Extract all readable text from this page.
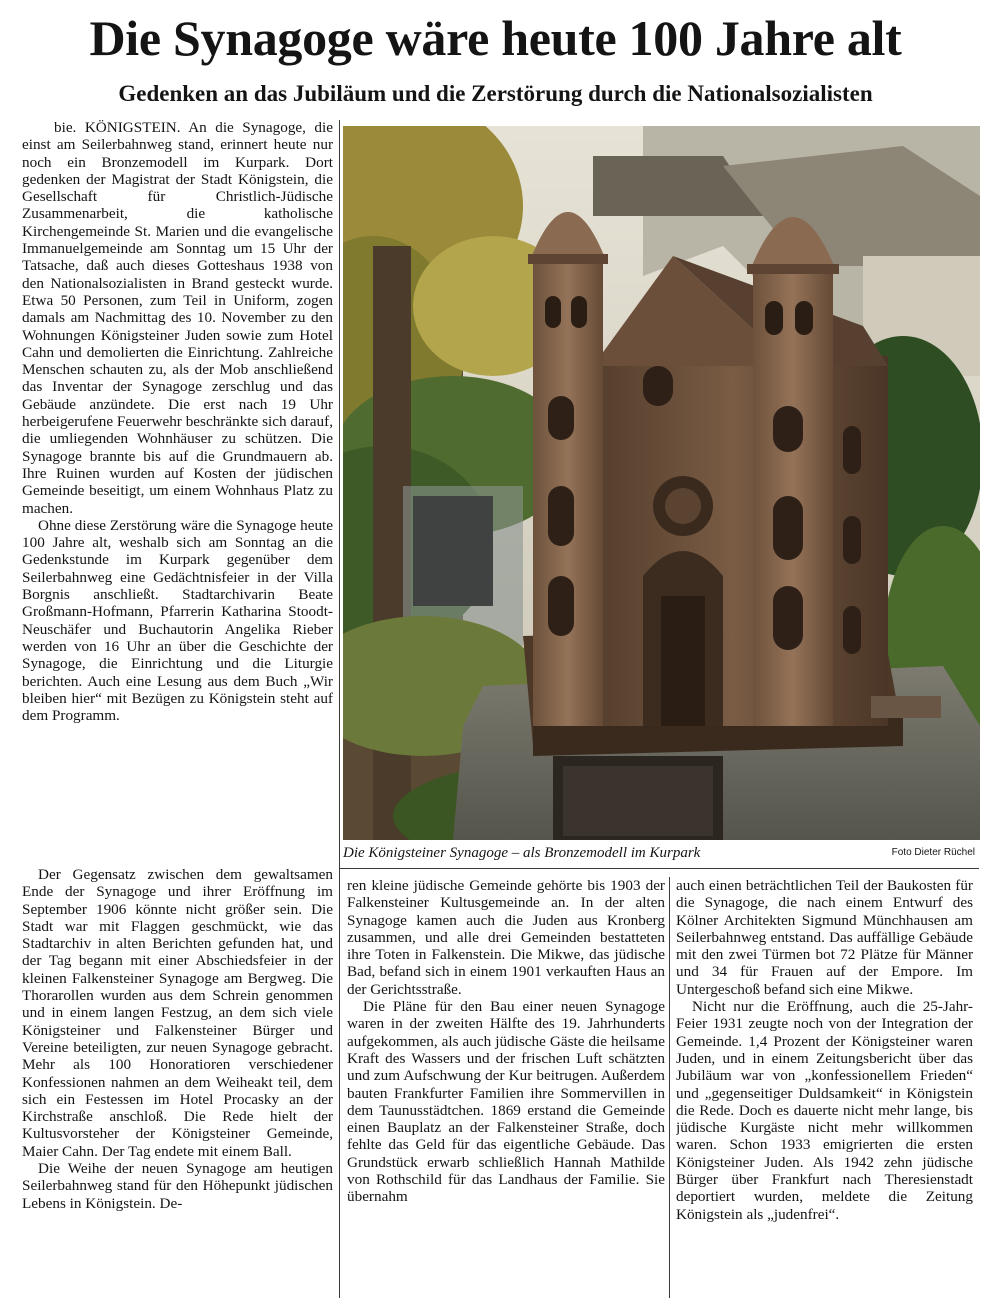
Die Synagoge wäre heute 100 Jahre alt
Gedenken an das Jubiläum und die Zerstörung durch die Nationalsozialisten

bie. KÖNIGSTEIN. An die Synagoge, die einst am Seilerbahnweg stand, erinnert heute nur noch ein Bronzemodell im Kurpark. Dort gedenken der Magistrat der Stadt Königstein, die Gesellschaft für Christlich-Jüdische Zusammenarbeit, die katholische Kirchengemeinde St. Marien und die evangelische Immanuelgemeinde am Sonntag um 15 Uhr der Tatsache, daß auch dieses Gotteshaus 1938 von den Nationalsozialisten in Brand gesteckt wurde. Etwa 50 Personen, zum Teil in Uniform, zogen damals am Nachmittag des 10. November zu den Wohnungen Königsteiner Juden sowie zum Hotel Cahn und demolierten die Einrichtung. Zahlreiche Menschen schauten zu, als der Mob anschließend das Inventar der Synagoge zerschlug und das Gebäude anzündete. Die erst nach 19 Uhr herbeigerufene Feuerwehr beschränkte sich darauf, die umliegenden Wohnhäuser zu schützen. Die Synagoge brannte bis auf die Grundmauern ab. Ihre Ruinen wurden auf Kosten der jüdischen Gemeinde beseitigt, um einem Wohnhaus Platz zu machen.

Ohne diese Zerstörung wäre die Synagoge heute 100 Jahre alt, weshalb sich am Sonntag an die Gedenkstunde im Kurpark gegenüber dem Seilerbahnweg eine Gedächtnisfeier in der Villa Borgnis anschließt. Stadtarchivarin Beate Großmann-Hofmann, Pfarrerin Katharina Stoodt-Neuschäfer und Buchautorin Angelika Rieber werden von 16 Uhr an über die Geschichte der Synagoge, die Einrichtung und die Liturgie berichten. Auch eine Lesung aus dem Buch „Wir bleiben hier“ mit Bezügen zu Königstein steht auf dem Programm.

Der Gegensatz zwischen dem gewaltsamen Ende der Synagoge und ihrer Eröffnung im September 1906 könnte nicht größer sein. Die Stadt war mit Flaggen geschmückt, wie das Stadtarchiv in alten Berichten gefunden hat, und der Tag begann mit einer Abschiedsfeier in der kleinen Falkensteiner Synagoge am Bergweg. Die Thorarollen wurden aus dem Schrein genommen und in einem langen Festzug, an dem sich viele Königsteiner und Falkensteiner Bürger und Vereine beteiligten, zur neuen Synagoge gebracht. Mehr als 100 Honoratioren verschiedener Konfessionen nahmen an dem Weiheakt teil, dem sich ein Festessen im Hotel Procasky an der Kirchstraße anschloß. Die Rede hielt der Kultusvorsteher der Königsteiner Gemeinde, Maier Cahn. Der Tag endete mit einem Ball.

Die Weihe der neuen Synagoge am heutigen Seilerbahnweg stand für den Höhepunkt jüdischen Lebens in Königstein. De-

ren kleine jüdische Gemeinde gehörte bis 1903 der Falkensteiner Kultusgemeinde an. In der alten Synagoge kamen auch die Juden aus Kronberg zusammen, und alle drei Gemeinden bestatteten ihre Toten in Falkenstein. Die Mikwe, das jüdische Bad, befand sich in einem 1901 verkauften Haus an der Gerichtsstraße.

Die Pläne für den Bau einer neuen Synagoge waren in der zweiten Hälfte des 19. Jahrhunderts aufgekommen, als auch jüdische Gäste die heilsame Kraft des Wassers und der frischen Luft schätzten und zum Aufschwung der Kur beitrugen. Außerdem bauten Frankfurter Familien ihre Sommervillen in dem Taunusstädtchen. 1869 erstand die Gemeinde einen Bauplatz an der Falkensteiner Straße, doch fehlte das Geld für das eigentliche Gebäude. Das Grundstück erwarb schließlich Hannah Mathilde von Rothschild für das Landhaus der Familie. Sie übernahm

auch einen beträchtlichen Teil der Baukosten für die Synagoge, die nach einem Entwurf des Kölner Architekten Sigmund Münchhausen am Seilerbahnweg entstand. Das auffällige Gebäude mit den zwei Türmen bot 72 Plätze für Männer und 34 für Frauen auf der Empore. Im Untergeschoß befand sich eine Mikwe.

Nicht nur die Eröffnung, auch die 25-Jahr-Feier 1931 zeugte noch von der Integration der Gemeinde. 1,4 Prozent der Königsteiner waren Juden, und in einem Zeitungsbericht über das Jubiläum war von „konfessionellem Frieden“ und „gegenseitiger Duldsamkeit“ in Königstein die Rede. Doch es dauerte nicht mehr lange, bis jüdische Kurgäste nicht mehr willkommen waren. Schon 1933 emigrierten die ersten Königsteiner Juden. Als 1942 zehn jüdische Bürger über Frankfurt nach Theresienstadt deportiert wurden, meldete die Zeitung Königstein als „judenfrei“.

Die Königsteiner Synagoge – als Bronzemodell im Kurpark	Foto Dieter Rüchel
